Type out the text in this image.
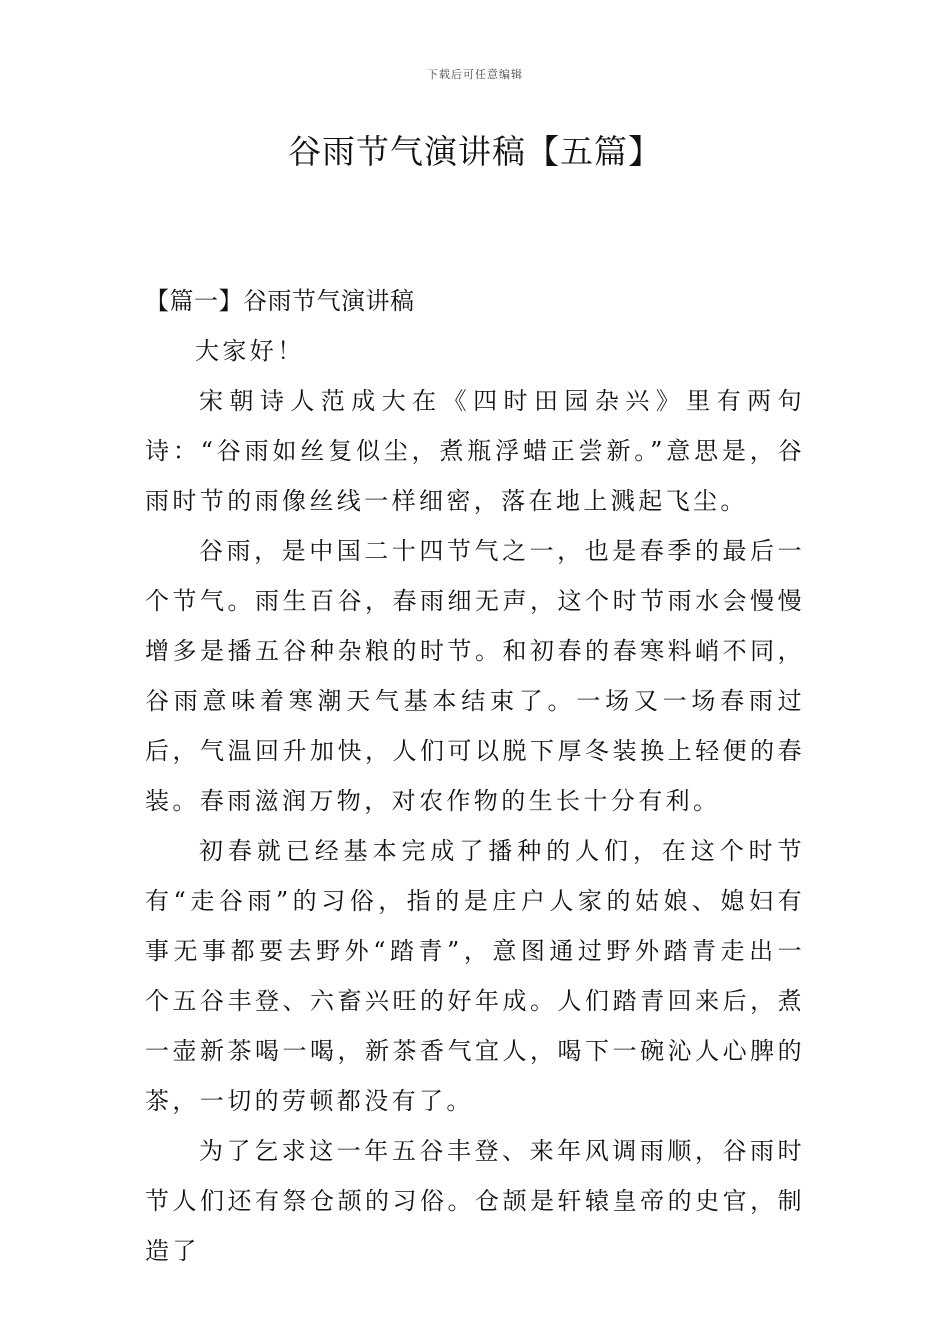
下载后可任意编辑
谷雨节气演讲稿【五篇】

【篇一】谷雨节气演讲稿

大家好！

宋朝诗人范成大在《四时田园杂兴》里有两句诗：“谷雨如丝复似尘，煮瓶浮蜡正尝新。”意思是，谷雨时节的雨像丝线一样细密，落在地上溅起飞尘。

谷雨，是中国二十四节气之一，也是春季的最后一个节气。雨生百谷，春雨细无声，这个时节雨水会慢慢增多是播五谷种杂粮的时节。和初春的春寒料峭不同，谷雨意味着寒潮天气基本结束了。一场又一场春雨过后，气温回升加快，人们可以脱下厚冬装换上轻便的春装。春雨滋润万物，对农作物的生长十分有利。

初春就已经基本完成了播种的人们，在这个时节有“走谷雨”的习俗，指的是庄户人家的姑娘、媳妇有事无事都要去野外“踏青”，意图通过野外踏青走出一个五谷丰登、六畜兴旺的好年成。人们踏青回来后，煮一壶新茶喝一喝，新茶香气宜人，喝下一碗沁人心脾的茶，一切的劳顿都没有了。

为了乞求这一年五谷丰登、来年风调雨顺，谷雨时节人们还有祭仓颉的习俗。仓颉是轩辕皇帝的史官，制造了
